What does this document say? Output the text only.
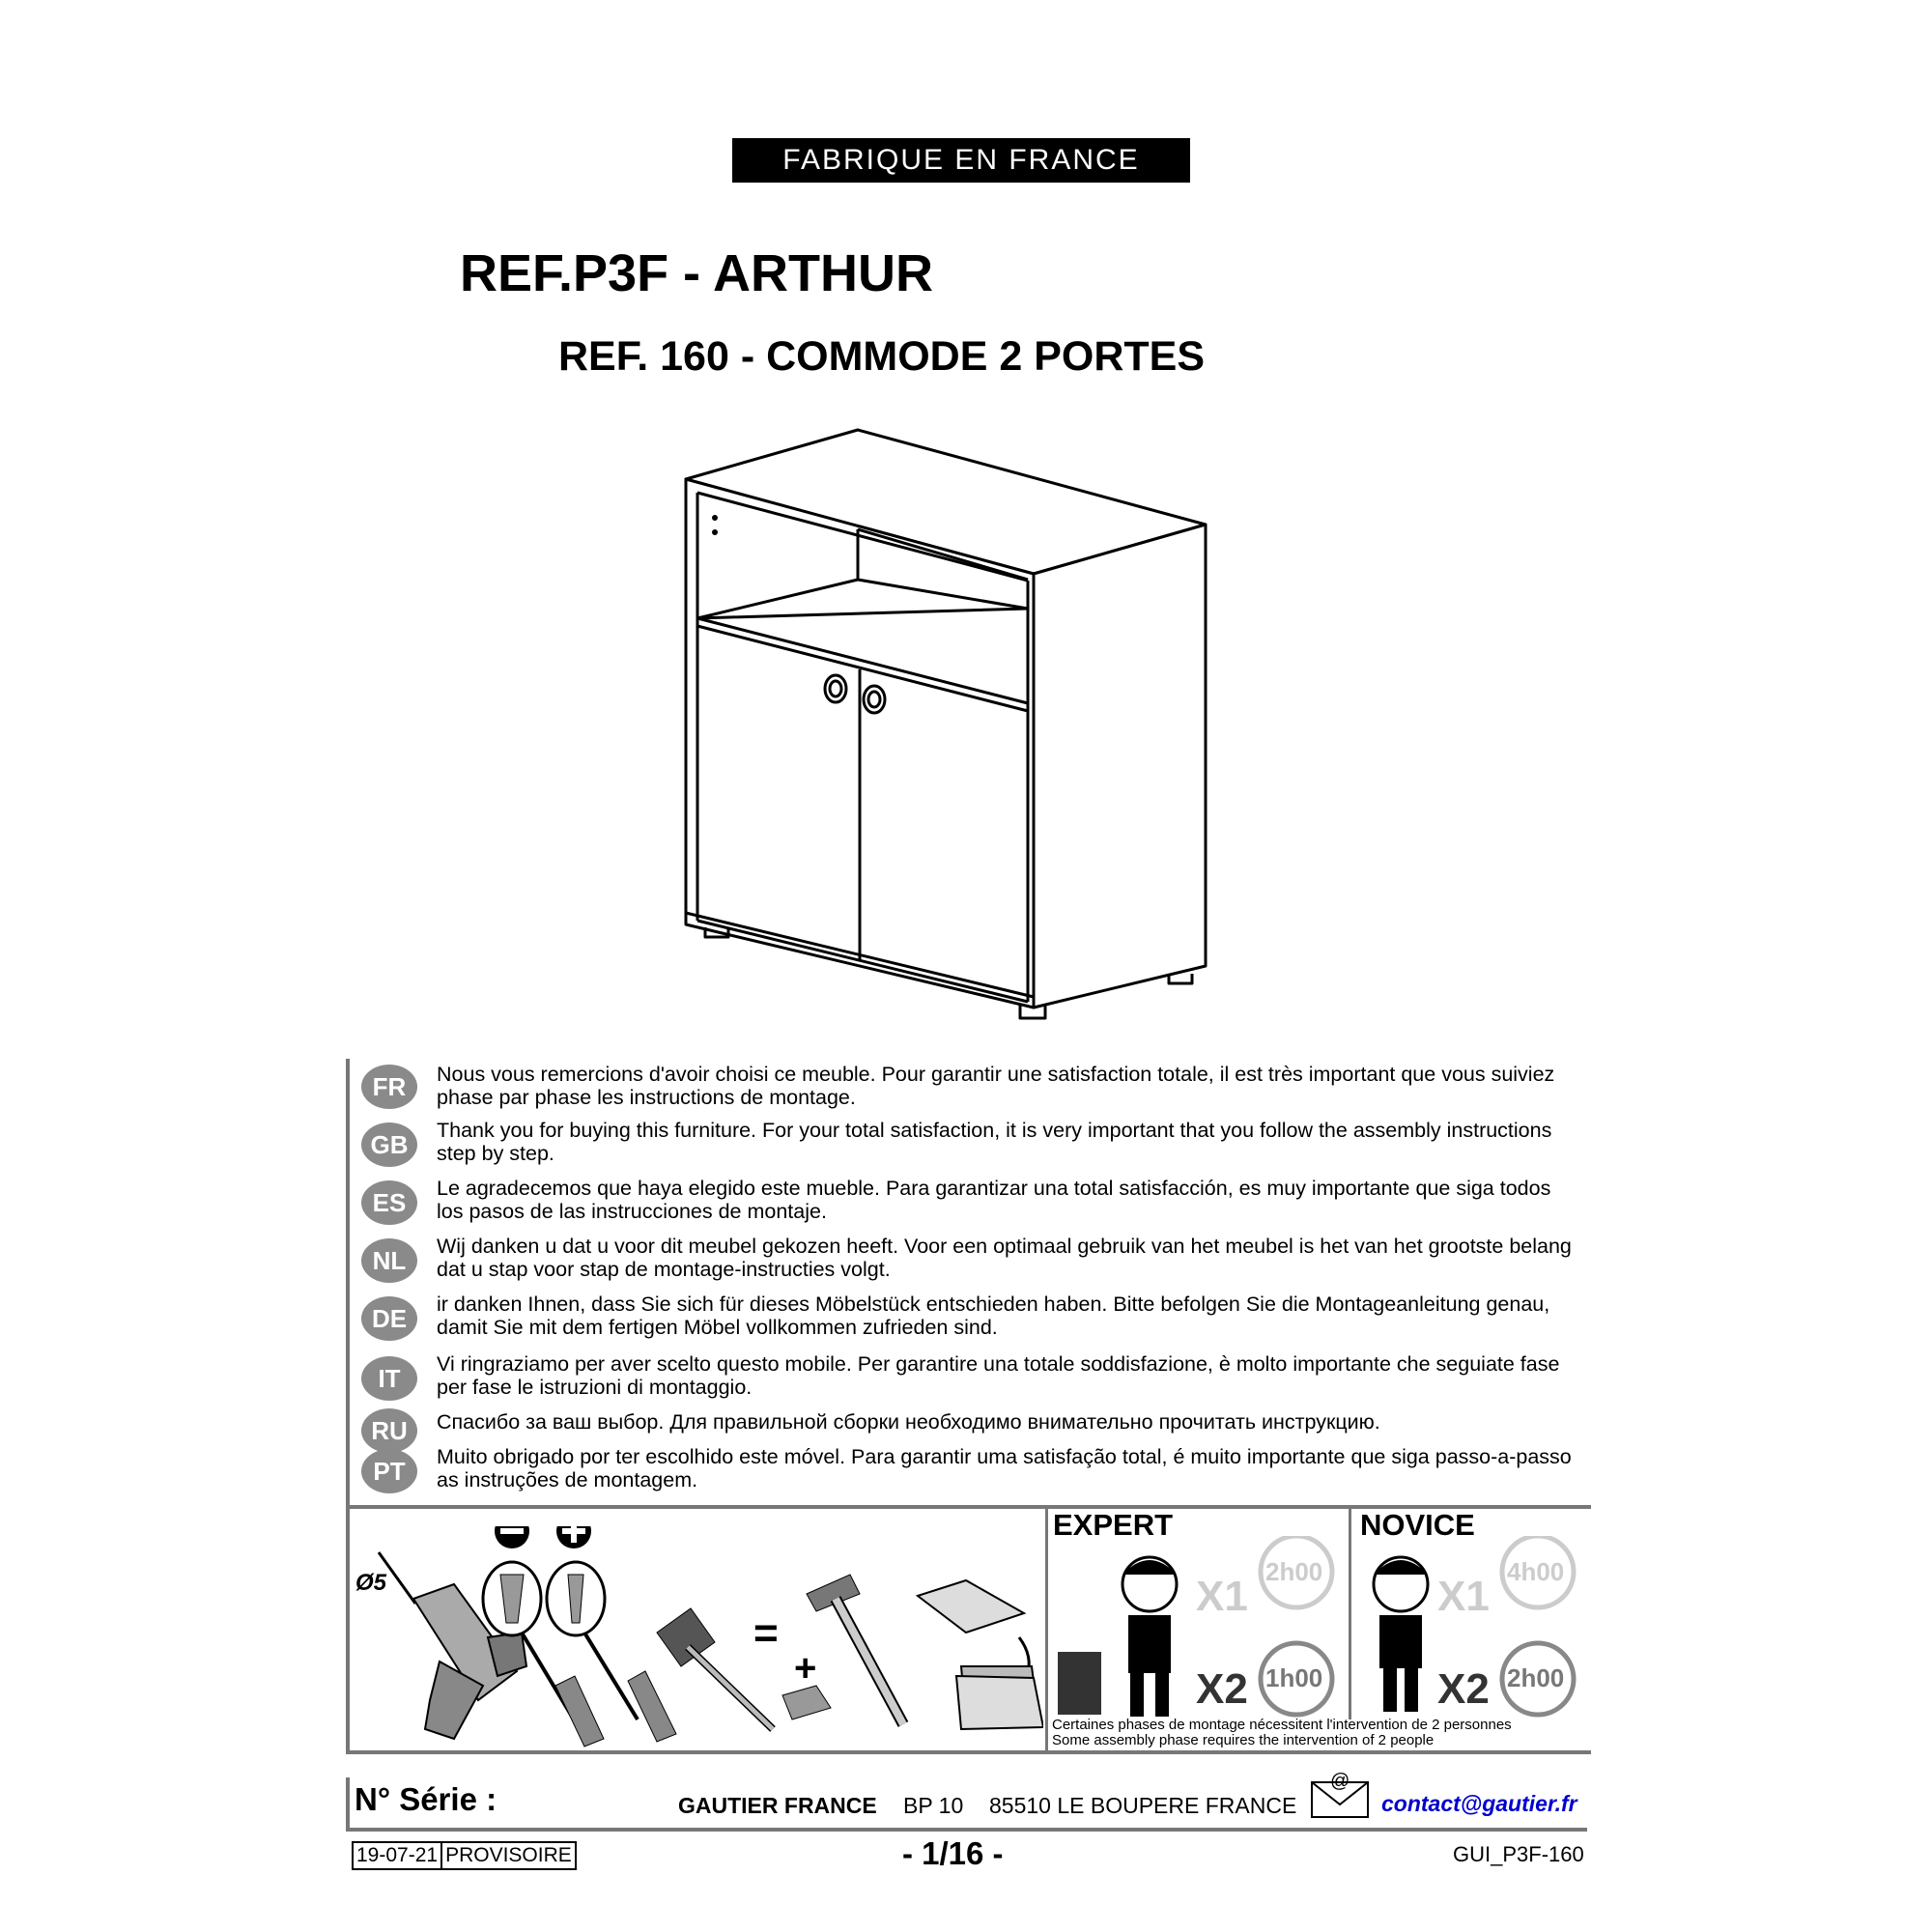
FABRIQUE EN FRANCE
REF.P3F - ARTHUR
REF. 160 - COMMODE 2 PORTES
FR	Nous vous remercions d'avoir choisi ce meuble. Pour garantir une satisfaction totale, il est très important que vous suiviez phase par phase les instructions de montage.
GB	Thank you for buying this furniture. For your total satisfaction, it is very important that you follow the assembly instructions step by step.
ES	Le agradecemos que haya elegido este mueble. Para garantizar una total satisfacción, es muy importante que siga todos los pasos de las instrucciones de montaje.
NL	Wij danken u dat u voor dit meubel gekozen heeft. Voor een optimaal gebruik van het meubel is het van het grootste belang dat u stap voor stap de montage-instructies volgt.
DE	ir danken Ihnen, dass Sie sich für dieses Möbelstück entschieden haben. Bitte befolgen Sie die Montageanleitung genau, damit Sie mit dem fertigen Möbel vollkommen zufrieden sind.
IT	Vi ringraziamo per aver scelto questo mobile. Per garantire una totale soddisfazione, è molto importante che seguiate fase per fase le istruzioni di montaggio.
RU	Спасибо за ваш выбор. Для правильной сборки необходимо внимательно прочитать инструкцию.
PT	Muito obrigado por ter escolhido este móvel. Para garantir uma satisfação total, é muito importante que siga passo-a-passo as instruções de montagem.
Ø5
=
+
EXPERT	NOVICE
X1
2h00
X2 1h00
X1
4h00
X2 2h00
Certaines phases de montage nécessitent l'intervention de 2 personnes
Some assembly phase requires the intervention of 2 people
N° Série :	GAUTIER FRANCE BP 10 85510 LE BOUPERE FRANCE
@
contact@gautier.fr
19-07-21 PROVISOIRE	- 1/16 -	GUI_P3F-160
